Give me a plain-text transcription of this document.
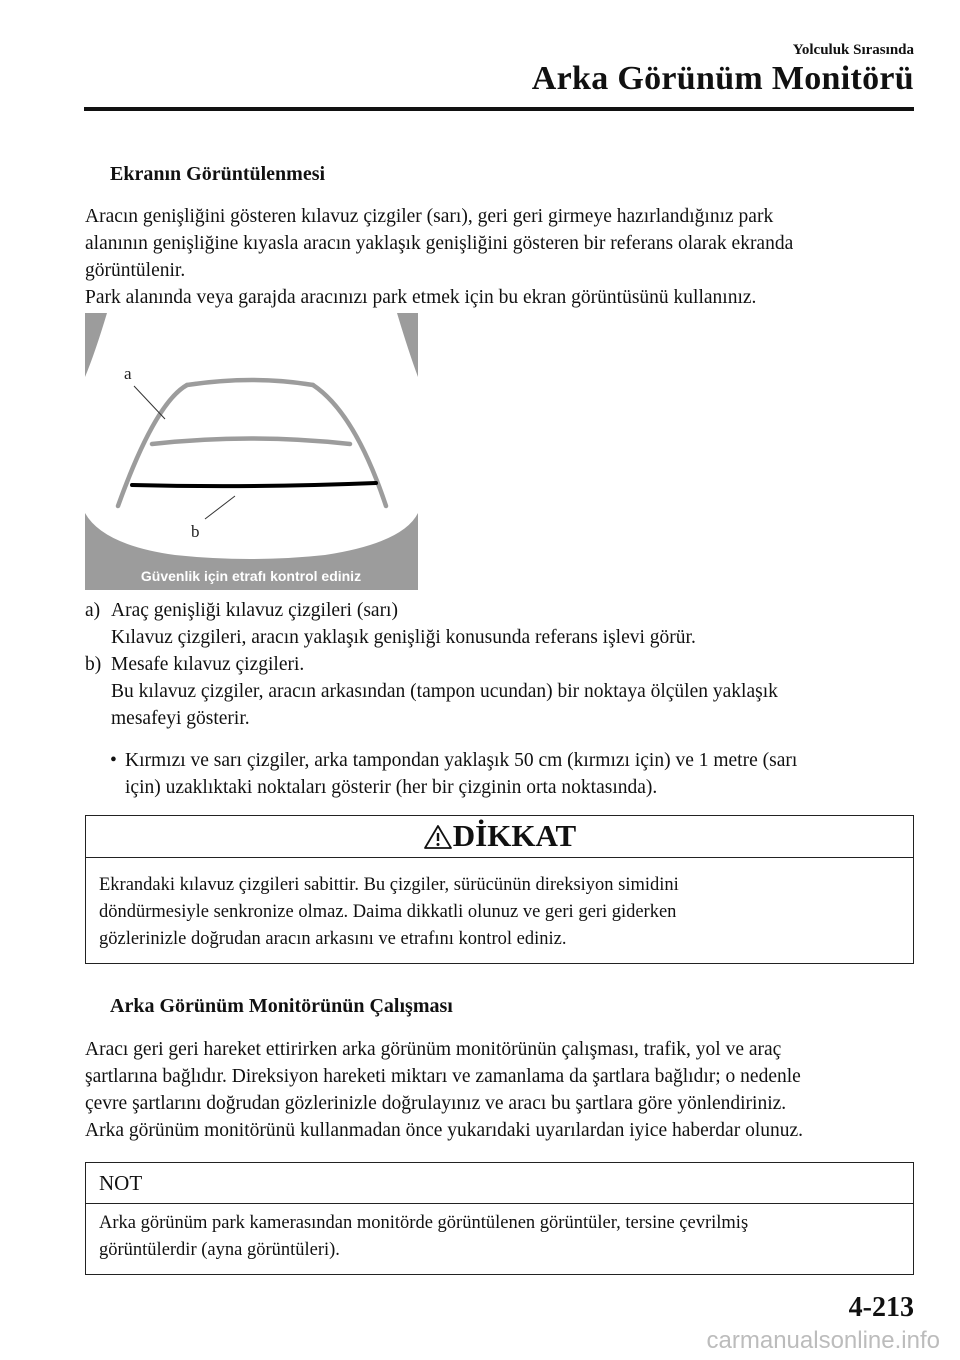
Yolculuk Sırasında
Arka Görünüm Monitörü
Ekranın Görüntülenmesi
Aracın genişliğini gösteren kılavuz çizgiler (sarı), geri geri girmeye hazırlandığınız park
alanının genişliğine kıyasla aracın yaklaşık genişliğini gösteren bir referans olarak ekranda
görüntülenir.
Park alanında veya garajda aracınızı park etmek için bu ekran görüntüsünü kullanınız.
a
b
Güvenlik için etrafı kontrol ediniz
a) Araç genişliği kılavuz çizgileri (sarı)
Kılavuz çizgileri, aracın yaklaşık genişliği konusunda referans işlevi görür.
b) Mesafe kılavuz çizgileri.
Bu kılavuz çizgiler, aracın arkasından (tampon ucundan) bir noktaya ölçülen yaklaşık
mesafeyi gösterir.
• Kırmızı ve sarı çizgiler, arka tampondan yaklaşık 50 cm (kırmızı için) ve 1 metre (sarı
için) uzaklıktaki noktaları gösterir (her bir çizginin orta noktasında).
DİKKAT
Ekrandaki kılavuz çizgileri sabittir. Bu çizgiler, sürücünün direksiyon simidini
döndürmesiyle senkronize olmaz. Daima dikkatli olunuz ve geri geri giderken
gözlerinizle doğrudan aracın arkasını ve etrafını kontrol ediniz.
Arka Görünüm Monitörünün Çalışması
Aracı geri geri hareket ettirirken arka görünüm monitörünün çalışması, trafik, yol ve araç
şartlarına bağlıdır. Direksiyon hareketi miktarı ve zamanlama da şartlara bağlıdır; o nedenle
çevre şartlarını doğrudan gözlerinizle doğrulayınız ve aracı bu şartlara göre yönlendiriniz.
Arka görünüm monitörünü kullanmadan önce yukarıdaki uyarılardan iyice haberdar olunuz.
NOT
Arka görünüm park kamerasından monitörde görüntülenen görüntüler, tersine çevrilmiş
görüntülerdir (ayna görüntüleri).
4-213
carmanualsonline.info
